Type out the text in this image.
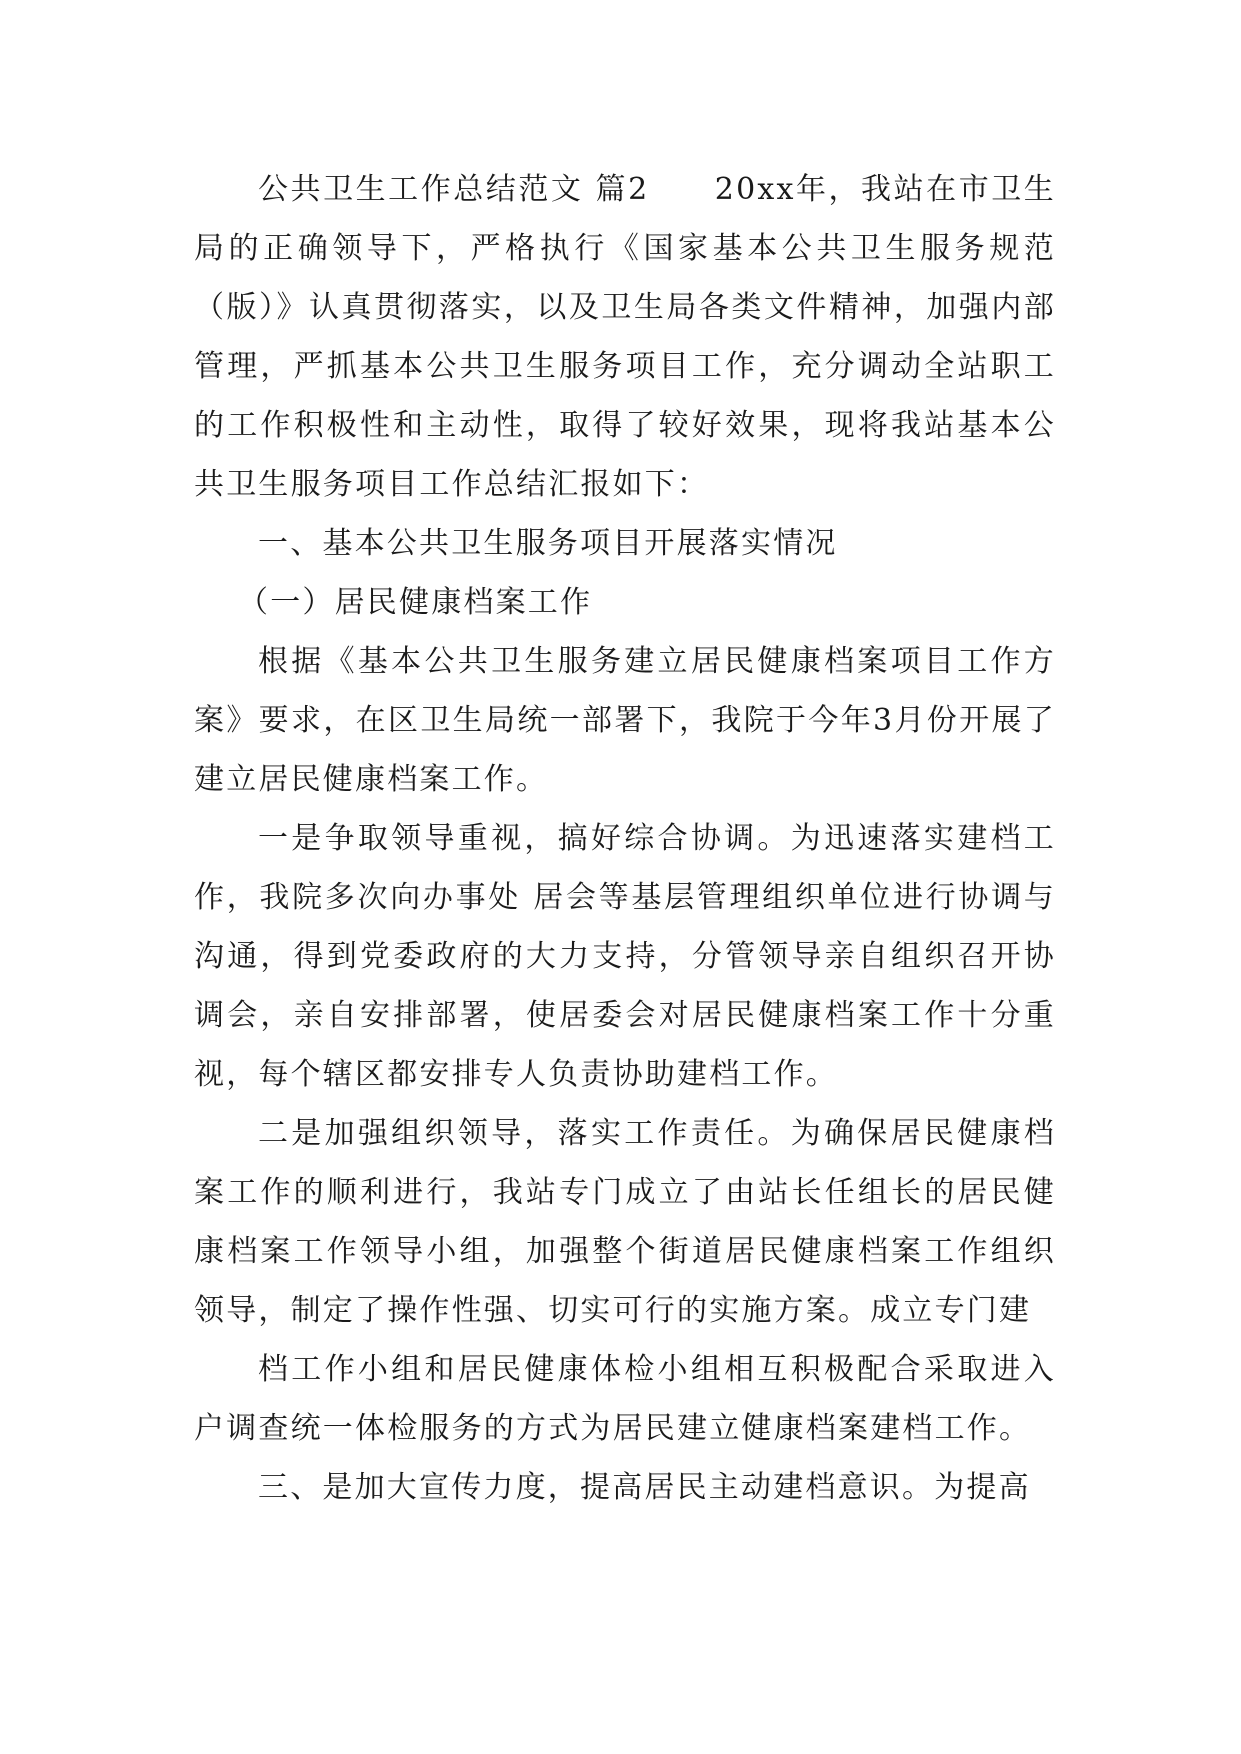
公共卫生工作总结范文 篇2　　20xx年，我站在市卫生局的正确领导下，严格执行《国家基本公共卫生服务规范（版）》认真贯彻落实，以及卫生局各类文件精神，加强内部管理，严抓基本公共卫生服务项目工作，充分调动全站职工的工作积极性和主动性，取得了较好效果，现将我站基本公共卫生服务项目工作总结汇报如下：

一、基本公共卫生服务项目开展落实情况

（一）居民健康档案工作

根据《基本公共卫生服务建立居民健康档案项目工作方案》要求，在区卫生局统一部署下，我院于今年3月份开展了建立居民健康档案工作。

一是争取领导重视，搞好综合协调。为迅速落实建档工作，我院多次向办事处 居会等基层管理组织单位进行协调与沟通，得到党委政府的大力支持，分管领导亲自组织召开协调会，亲自安排部署，使居委会对居民健康档案工作十分重视，每个辖区都安排专人负责协助建档工作。

二是加强组织领导，落实工作责任。为确保居民健康档案工作的顺利进行，我站专门成立了由站长任组长的居民健康档案工作领导小组，加强整个街道居民健康档案工作组织领导，制定了操作性强、切实可行的实施方案。成立专门建

档工作小组和居民健康体检小组相互积极配合采取进入户调查统一体检服务的方式为居民建立健康档案建档工作。

三、是加大宣传力度，提高居民主动建档意识。为提高
